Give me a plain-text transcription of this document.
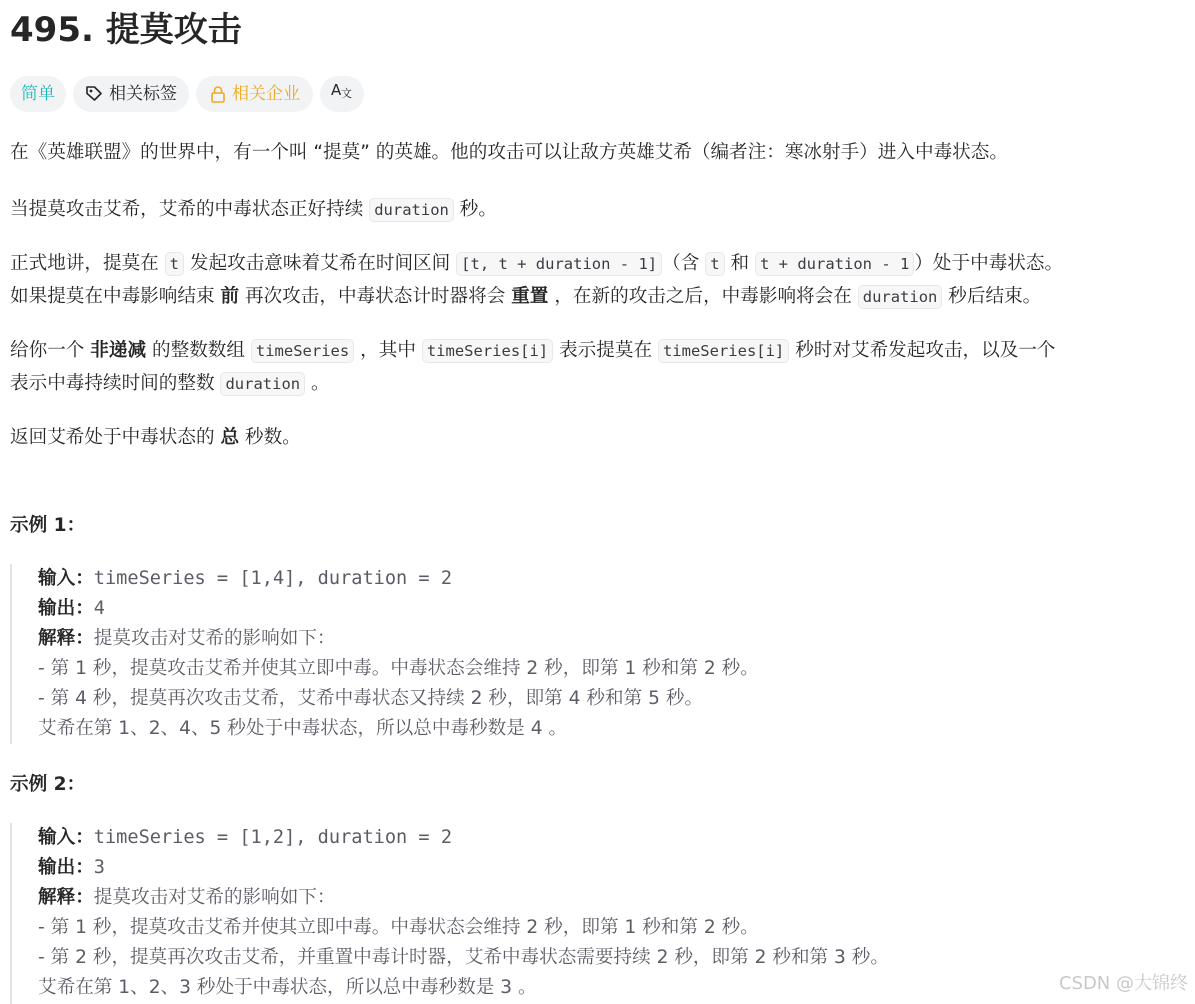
495. 提莫攻击
简单	相关标签	相关企业 A 文
在《英雄联盟》的世界中，有一个叫 “提莫” 的英雄。他的攻击可以让敌方英雄艾希（编者注：寒冰射手）进入中毒状态。
当提莫攻击艾希，艾希的中毒状态正好持续 duration 秒。
正式地讲，提莫在 t 发起攻击意味着艾希在时间区间 [t, t + duration - 1] （含 t 和 t + duration - 1 ）处于中毒状态。
如果提莫在中毒影响结束 前 再次攻击，中毒状态计时器将会 重置 ，在新的攻击之后，中毒影响将会在 duration 秒后结束。
给你一个 非递减 的整数数组 timeSeries ，其中 timeSeries[i] 表示提莫在 timeSeries[i] 秒时对艾希发起攻击，以及一个
表示中毒持续时间的整数 duration 。
返回艾希处于中毒状态的 总 秒数。
示例 1：
输入：timeSeries = [1,4], duration = 2
输出：4
解释：提莫攻击对艾希的影响如下：
- 第 1 秒，提莫攻击艾希并使其立即中毒。中毒状态会维持 2 秒，即第 1 秒和第 2 秒。
- 第 4 秒，提莫再次攻击艾希，艾希中毒状态又持续 2 秒，即第 4 秒和第 5 秒。
艾希在第 1、2、4、5 秒处于中毒状态，所以总中毒秒数是 4 。
示例 2：
输入：timeSeries = [1,2], duration = 2
输出：3
解释：提莫攻击对艾希的影响如下：
- 第 1 秒，提莫攻击艾希并使其立即中毒。中毒状态会维持 2 秒，即第 1 秒和第 2 秒。
- 第 2 秒，提莫再次攻击艾希，并重置中毒计时器，艾希中毒状态需要持续 2 秒，即第 2 秒和第 3 秒。
艾希在第 1、2、3 秒处于中毒状态，所以总中毒秒数是 3 。	CSDN @大锦终
